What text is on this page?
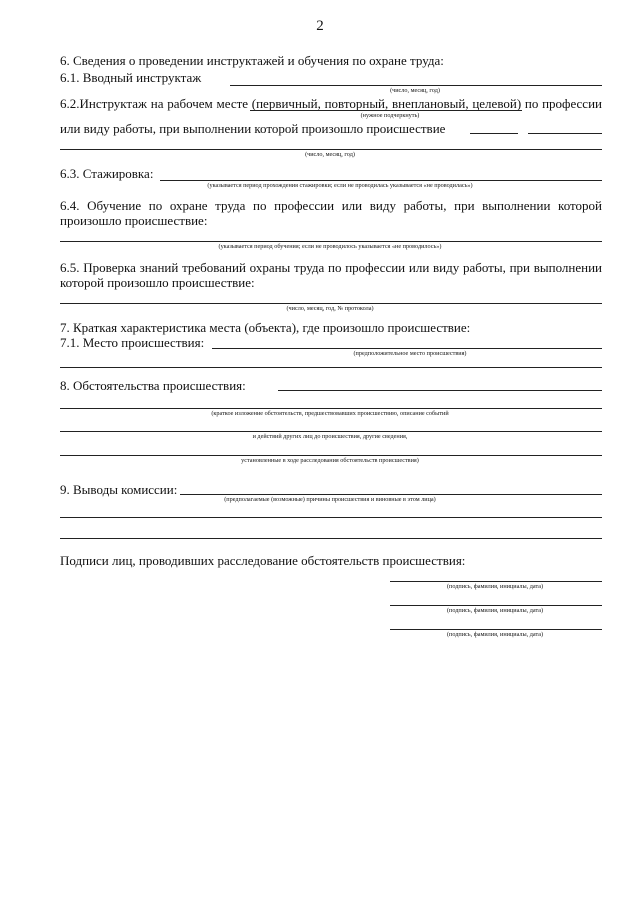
2
6. Сведения о проведении инструктажей и обучения по охране труда:
6.1. Вводный инструктаж
(число, месяц, год)
6.2.Инструктаж на рабочем месте (первичный, повторный, внеплановый, целевой) по профессии
(нужное подчеркнуть)
или виду работы, при выполнении которой произошло происшествие
(число, месяц, год)
6.3. Стажировка:
(указывается период прохождения стажировки; если не проводилась указывается «не проводилась»)
6.4. Обучение по охране труда по профессии или виду работы, при выполнении которой
произошло происшествие:
(указывается период обучения; если не проводилось указывается «не проводилось»)
6.5. Проверка знаний требований охраны труда по профессии или виду работы, при выполнении
которой произошло происшествие:
(число, месяц, год, № протокола)
7. Краткая характеристика места (объекта), где произошло происшествие:
7.1. Место происшествия:
(предположительное место происшествия)
8. Обстоятельства происшествия:
(краткое изложение обстоятельств, предшествовавших происшествию, описание событий
и действий других лиц до происшествия, другие сведения,
установленные в ходе расследования обстоятельств происшествия)
9. Выводы комиссии:
(предполагаемые (возможные) причины происшествия и виновные в этом лица)
Подписи лиц, проводивших расследование обстоятельств происшествия:
(подпись, фамилия, инициалы, дата)
(подпись, фамилия, инициалы, дата)
(подпись, фамилия, инициалы, дата)
